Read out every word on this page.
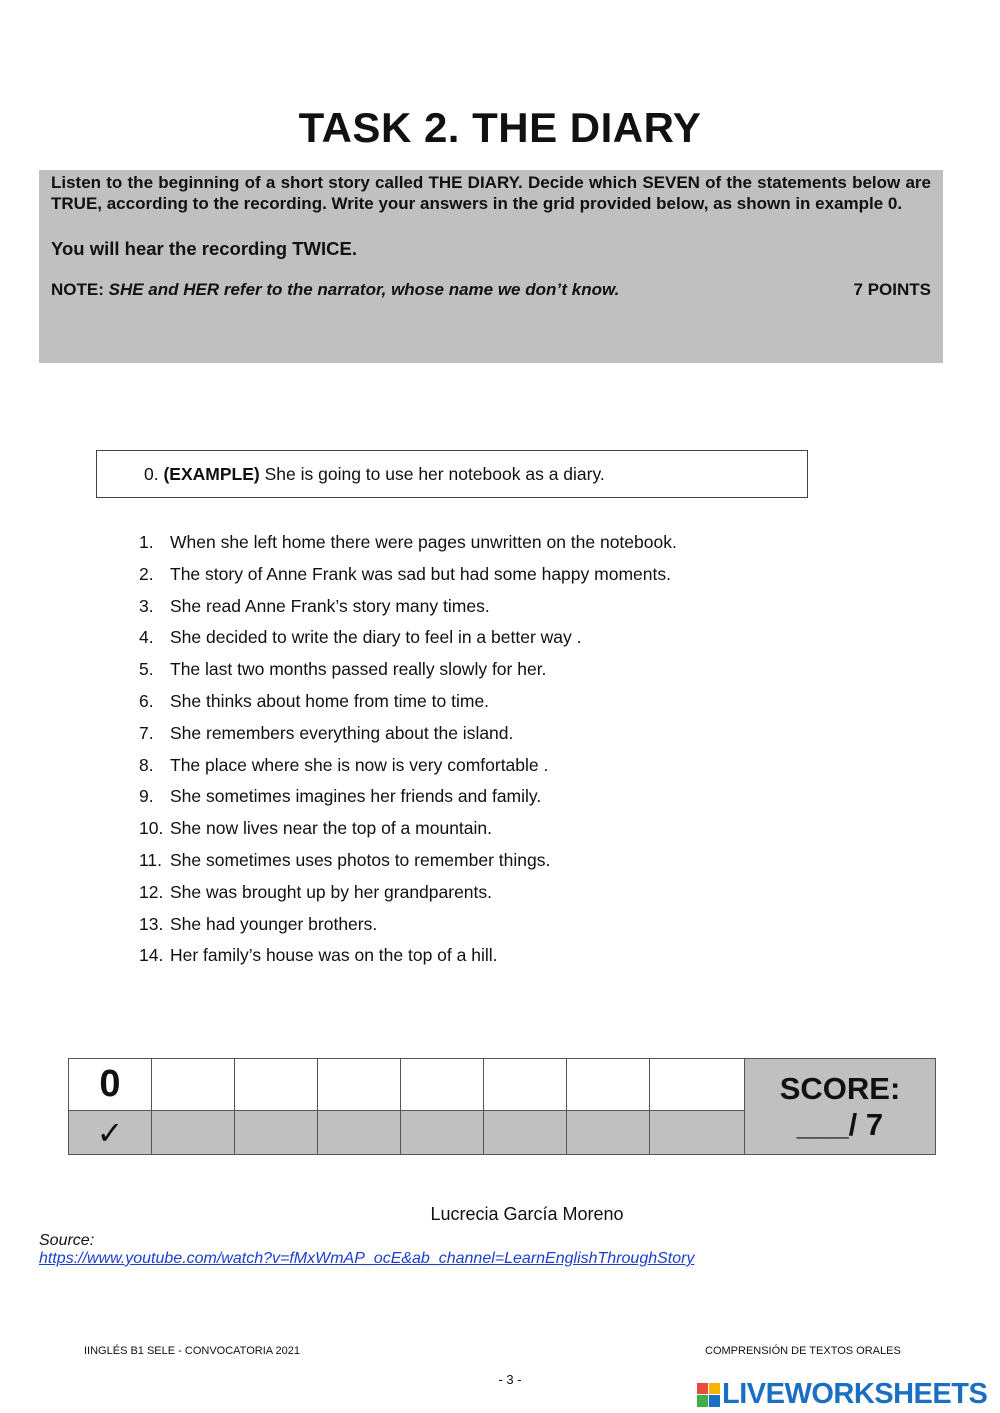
TASK 2. THE DIARY

Listen to the beginning of a short story called THE DIARY. Decide which SEVEN of the statements below are TRUE, according to the recording. Write your answers in the grid provided below, as shown in example 0.

You will hear the recording TWICE.

NOTE: SHE and HER refer to the narrator, whose name we don’t know.	7 POINTS
0. (EXAMPLE) She is going to use her notebook as a diary.
1. When she left home there were pages unwritten on the notebook.
2. The story of Anne Frank was sad but had some happy moments.
3. She read Anne Frank’s story many times.
4. She decided to write the diary to feel in a better way .
5. The last two months passed really slowly for her.
6. She thinks about home from time to time.
7. She remembers everything about the island.
8. The place where she is now is very comfortable .
9. She sometimes imagines her friends and family.
10. She now lives near the top of a mountain.
11. She sometimes uses photos to remember things.
12. She was brought up by her grandparents.
13. She had younger brothers.
14. Her family’s house was on the top of a hill.
0								SCORE:
___/ 7

✓								
Lucrecia García Moreno
Source:
https://www.youtube.com/watch?v=fMxWmAP_ocE&ab_channel=LearnEnglishThroughStory
IINGLÉS B1 SELE - CONVOCATORIA 2021	COMPRENSIÓN DE TEXTOS ORALES
- 3 -	LIVEWORKSHEETS
